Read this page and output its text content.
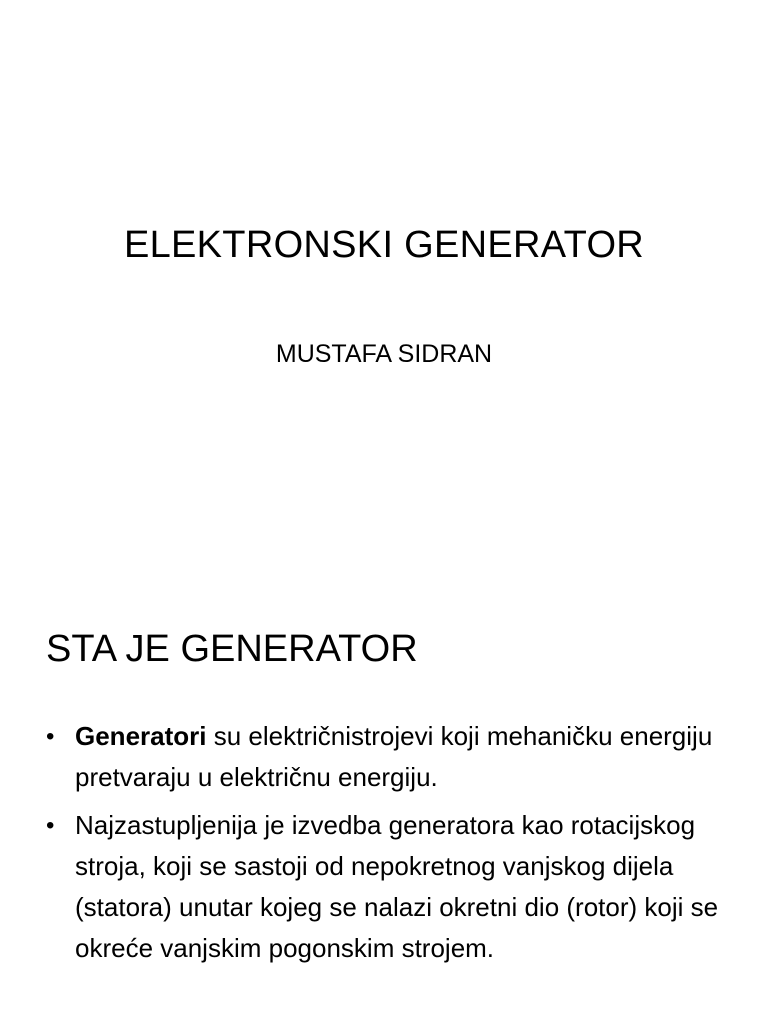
ELEKTRONSKI GENERATOR
MUSTAFA SIDRAN
STA JE GENERATOR
• Generatori su električnistrojevi koji mehaničku energiju pretvaraju u električnu energiju.
• Najzastupljenija je izvedba generatora kao rotacijskog stroja, koji se sastoji od nepokretnog vanjskog dijela (statora) unutar kojeg se nalazi okretni dio (rotor) koji se okreće vanjskim pogonskim strojem.
